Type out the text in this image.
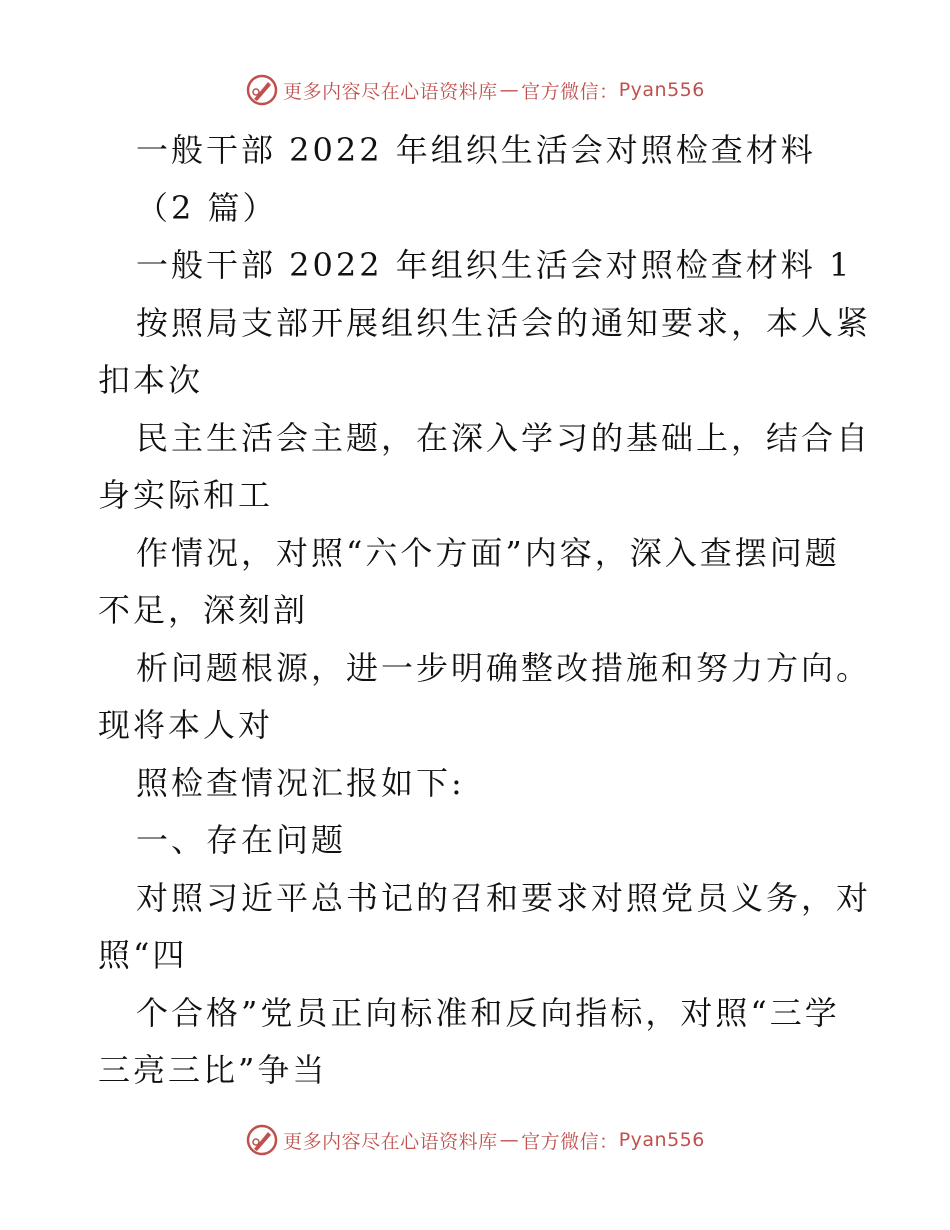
更多内容尽在心语资料库 — 官方微信： Pyan556
一般干部 2022 年组织生活会对照检查材料
（2 篇）
一般干部 2022 年组织生活会对照检查材料 1
按照局支部开展组织生活会的通知要求，本人紧
扣本次
民主生活会主题，在深入学习的基础上，结合自
身实际和工
作情况，对照“六个方面”内容，深入查摆问题
不足，深刻剖
析问题根源，进一步明确整改措施和努力方向。
现将本人对
照检查情况汇报如下:
一、存在问题
对照习近平总书记的召和要求对照党员义务，对
照“四
个合格”党员正向标准和反向指标，对照“三学
三亮三比”争当
更多内容尽在心语资料库 — 官方微信： Pyan556
